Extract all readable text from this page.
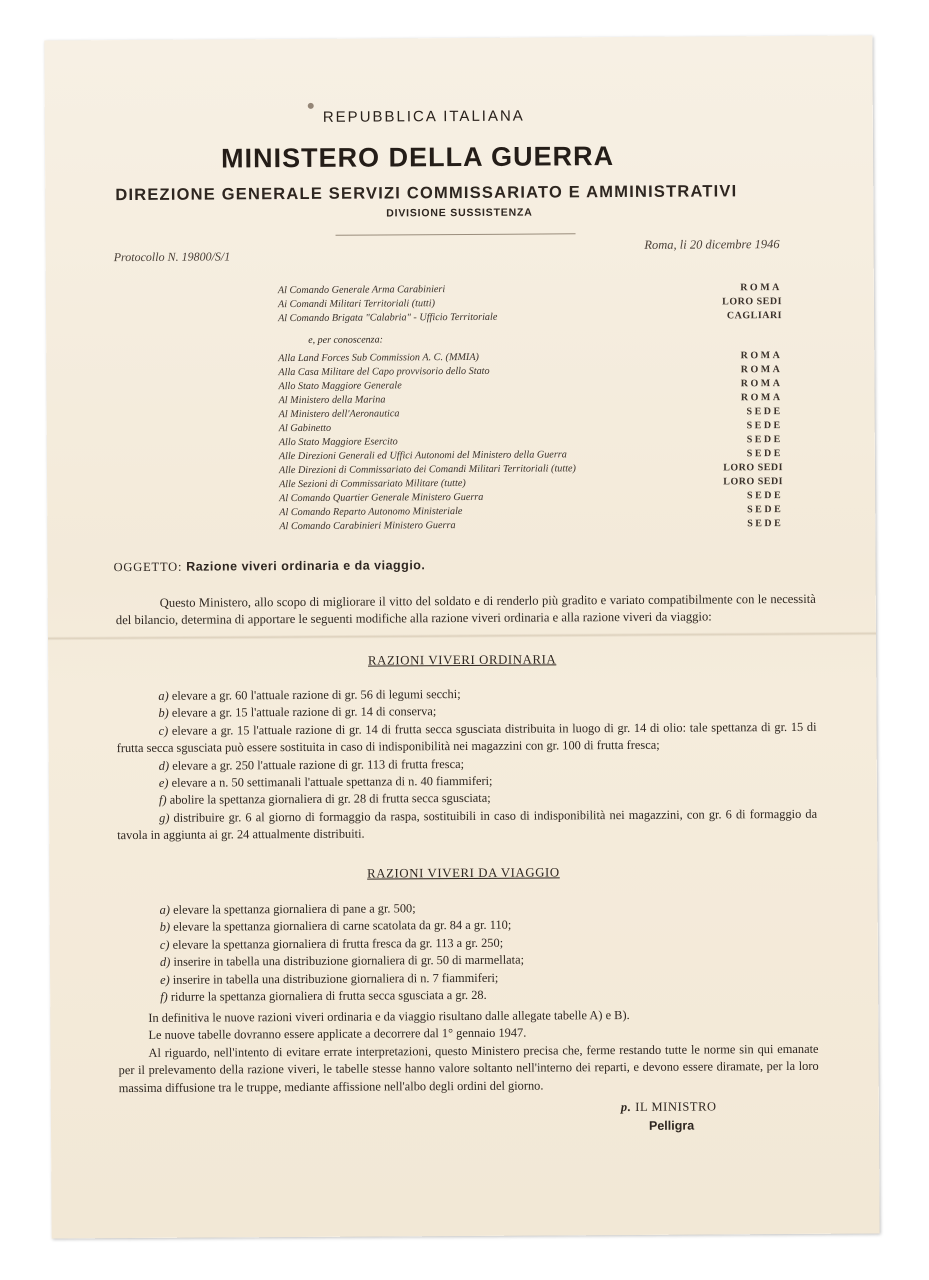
REPUBBLICA ITALIANA
MINISTERO DELLA GUERRA
DIREZIONE GENERALE SERVIZI COMMISSARIATO E AMMINISTRATIVI
DIVISIONE SUSSISTENZA
Protocollo N. 19800/S/1
Roma, li 20 dicembre 1946
Al Comando Generale Arma Carabinieri	ROMA
Ai Comandi Militari Territoriali (tutti)	LORO SEDI
Al Comando Brigata "Calabria" - Ufficio Territoriale	CAGLIARI
e, per conoscenza:
Alla Land Forces Sub Commission A. C. (MMIA)	ROMA
Alla Casa Militare del Capo provvisorio dello Stato	ROMA
Allo Stato Maggiore Generale	ROMA
Al Ministero della Marina	ROMA
Al Ministero dell'Aeronautica	SEDE
Al Gabinetto	SEDE
Allo Stato Maggiore Esercito	SEDE
Alle Direzioni Generali ed Uffici Autonomi del Ministero della Guerra	SEDE
Alle Direzioni di Commissariato dei Comandi Militari Territoriali (tutte)	LORO SEDI
Alle Sezioni di Commissariato Militare (tutte)	LORO SEDI
Al Comando Quartier Generale Ministero Guerra	SEDE
Al Comando Reparto Autonomo Ministeriale	SEDE
Al Comando Carabinieri Ministero Guerra	SEDE
OGGETTO: Razione viveri ordinaria e da viaggio.
Questo Ministero, allo scopo di migliorare il vitto del soldato e di renderlo più gradito e variato compatibilmente con le necessità del bilancio, determina di apportare le seguenti modifiche alla razione viveri ordinaria e alla razione viveri da viaggio:
RAZIONI VIVERI ORDINARIA
a) elevare a gr. 60 l'attuale razione di gr. 56 di legumi secchi;
b) elevare a gr. 15 l'attuale razione di gr. 14 di conserva;
c) elevare a gr. 15 l'attuale razione di gr. 14 di frutta secca sgusciata distribuita in luogo di gr. 14 di olio: tale spettanza di gr. 15 di frutta secca sgusciata può essere sostituita in caso di indisponibilità nei magazzini con gr. 100 di frutta fresca;
d) elevare a gr. 250 l'attuale razione di gr. 113 di frutta fresca;
e) elevare a n. 50 settimanali l'attuale spettanza di n. 40 fiammiferi;
f) abolire la spettanza giornaliera di gr. 28 di frutta secca sgusciata;
g) distribuire gr. 6 al giorno di formaggio da raspa, sostituibili in caso di indisponibilità nei magazzini, con gr. 6 di formaggio da tavola in aggiunta ai gr. 24 attualmente distribuiti.
RAZIONI VIVERI DA VIAGGIO
a) elevare la spettanza giornaliera di pane a gr. 500;
b) elevare la spettanza giornaliera di carne scatolata da gr. 84 a gr. 110;
c) elevare la spettanza giornaliera di frutta fresca da gr. 113 a gr. 250;
d) inserire in tabella una distribuzione giornaliera di gr. 50 di marmellata;
e) inserire in tabella una distribuzione giornaliera di n. 7 fiammiferi;
f) ridurre la spettanza giornaliera di frutta secca sgusciata a gr. 28.

In definitiva le nuove razioni viveri ordinaria e da viaggio risultano dalle allegate tabelle A) e B).

Le nuove tabelle dovranno essere applicate a decorrere dal 1° gennaio 1947.

Al riguardo, nell'intento di evitare errate interpretazioni, questo Ministero precisa che, ferme restando tutte le norme sin qui emanate per il prelevamento della razione viveri, le tabelle stesse hanno valore soltanto nell'interno dei reparti, e devono essere diramate, per la loro massima diffusione tra le truppe, mediante affissione nell'albo degli ordini del giorno.

p. IL MINISTRO
Pelligra
